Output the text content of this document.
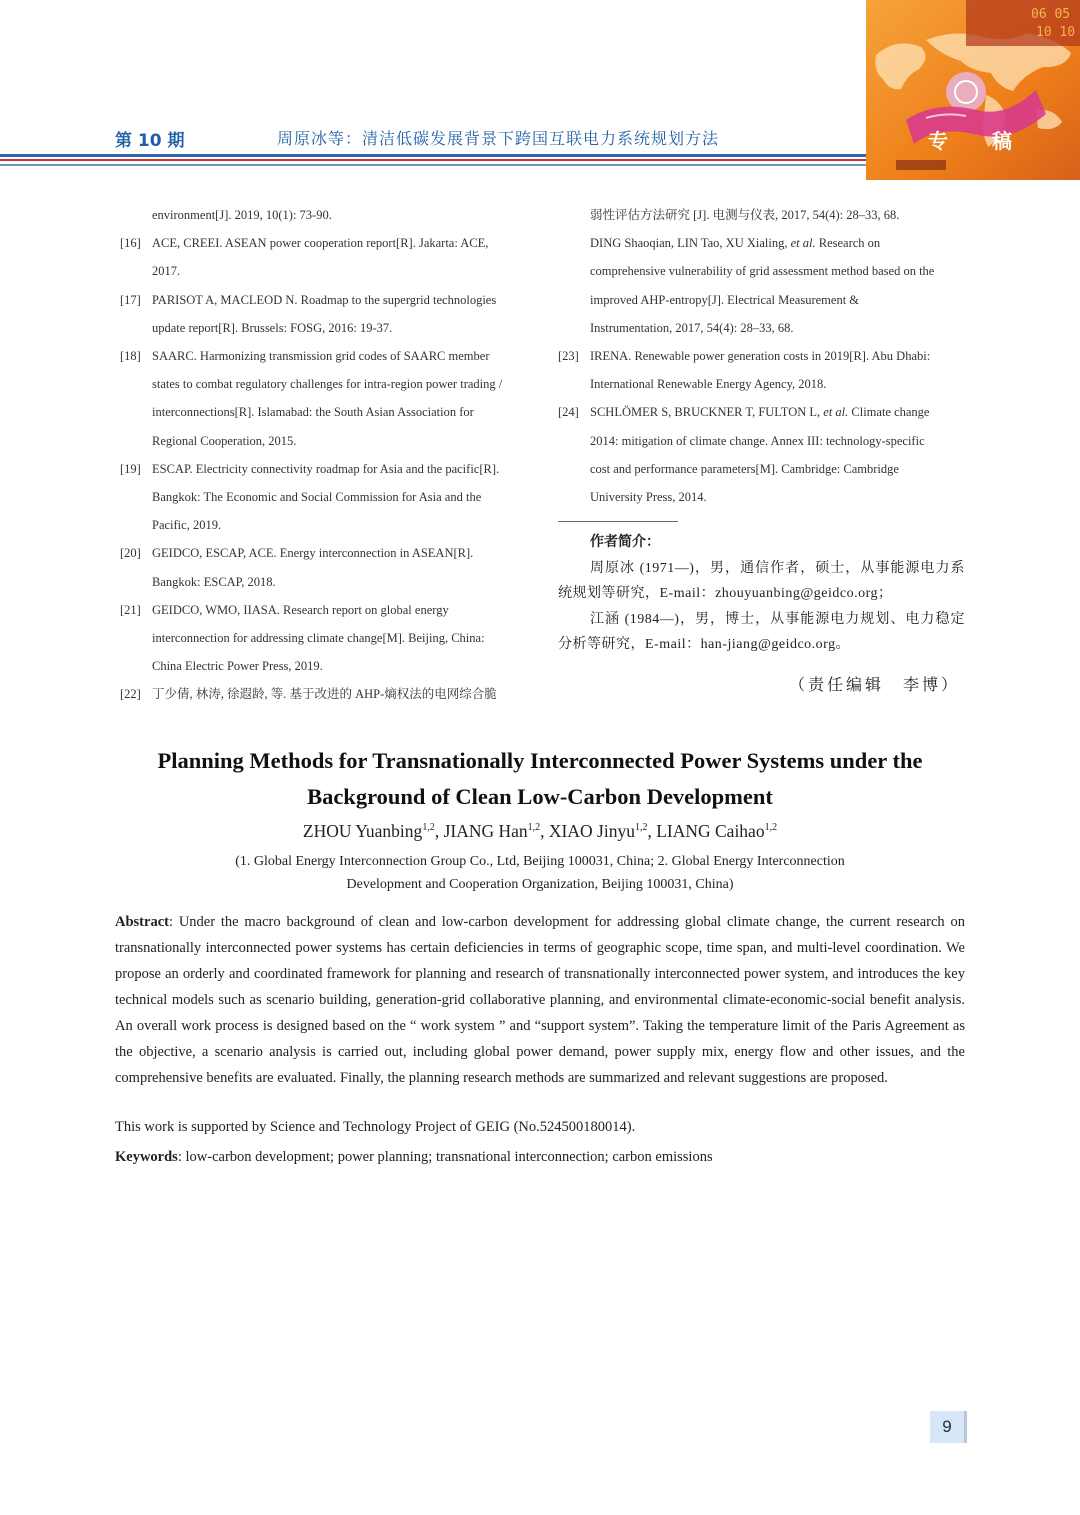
第 10 期	周原冰等：清洁低碳发展背景下跨国互联电力系统规划方法
06 05
10 10
专 稿
environment[J]. 2019, 10(1): 73-90.
[16] ACE, CREEI. ASEAN power cooperation report[R]. Jakarta: ACE,
2017.
[17] PARISOT A, MACLEOD N. Roadmap to the supergrid technologies
update report[R]. Brussels: FOSG, 2016: 19-37.
[18] SAARC. Harmonizing transmission grid codes of SAARC member
states to combat regulatory challenges for intra-region power trading /
interconnections[R]. Islamabad: the South Asian Association for
Regional Cooperation, 2015.
[19] ESCAP. Electricity connectivity roadmap for Asia and the pacific[R].
Bangkok: The Economic and Social Commission for Asia and the
Pacific, 2019.
[20] GEIDCO, ESCAP, ACE. Energy interconnection in ASEAN[R].
Bangkok: ESCAP, 2018.
[21] GEIDCO, WMO, IIASA. Research report on global energy
interconnection for addressing climate change[M]. Beijing, China:
China Electric Power Press, 2019.
[22] 丁少倩, 林涛, 徐遐龄, 等. 基于改进的 AHP-熵权法的电网综合脆
弱性评估方法研究 [J]. 电测与仪表, 2017, 54(4): 28–33, 68.
DING Shaoqian, LIN Tao, XU Xialing, et al. Research on
comprehensive vulnerability of grid assessment method based on the
improved AHP-entropy[J]. Electrical Measurement &
Instrumentation, 2017, 54(4): 28–33, 68.
[23] IRENA. Renewable power generation costs in 2019[R]. Abu Dhabi:
International Renewable Energy Agency, 2018.
[24] SCHLÖMER S, BRUCKNER T, FULTON L, et al. Climate change
2014: mitigation of climate change. Annex III: technology-specific
cost and performance parameters[M]. Cambridge: Cambridge
University Press, 2014.
作者简介：

周原冰 (1971—)，男，通信作者，硕士，从事能源电力系统规划等研究，E-mail：zhouyuanbing@geidco.org；

江涵 (1984—)，男，博士，从事能源电力规划、电力稳定分析等研究，E-mail：han-jiang@geidco.org。

（责任编辑　李博）
Planning Methods for Transnationally Interconnected Power Systems under the
Background of Clean Low-Carbon Development
ZHOU Yuanbing$^{1,2}$, JIANG Han$^{1,2}$, XIAO Jinyu$^{1,2}$, LIANG Caihao$^{1,2}$
(1. Global Energy Interconnection Group Co., Ltd, Beijing 100031, China; 2. Global Energy Interconnection
Development and Cooperation Organization, Beijing 100031, China)
Abstract: Under the macro background of clean and low-carbon development for addressing global climate change, the current research on transnationally interconnected power systems has certain deficiencies in terms of geographic scope, time span, and multi-level coordination. We propose an orderly and coordinated framework for planning and research of transnationally interconnected power system, and introduces the key technical models such as scenario building, generation-grid collaborative planning, and environmental climate-economic-social benefit analysis. An overall work process is designed based on the “ work system ” and “support system”. Taking the temperature limit of the Paris Agreement as the objective, a scenario analysis is carried out, including global power demand, power supply mix, energy flow and other issues, and the comprehensive benefits are evaluated. Finally, the planning research methods are summarized and relevant suggestions are proposed.
This work is supported by Science and Technology Project of GEIG (No.524500180014).
Keywords: low-carbon development; power planning; transnational interconnection; carbon emissions
9
